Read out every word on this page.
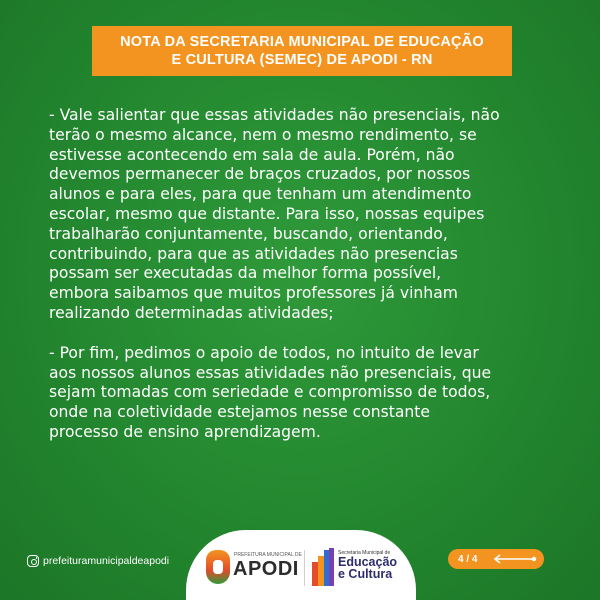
NOTA DA SECRETARIA MUNICIPAL DE EDUCAÇÃO
E CULTURA (SEMEC) DE APODI - RN

- Vale salientar que essas atividades não presenciais, não
terão o mesmo alcance, nem o mesmo rendimento, se
estivesse acontecendo em sala de aula. Porém, não
devemos permanecer de braços cruzados, por nossos
alunos e para eles, para que tenham um atendimento
escolar, mesmo que distante. Para isso, nossas equipes
trabalharão conjuntamente, buscando, orientando,
contribuindo, para que as atividades não presencias
possam ser executadas da melhor forma possível,
embora saibamos que muitos professores já vinham
realizando determinadas atividades;

- Por fim, pedimos o apoio de todos, no intuito de levar
aos nossos alunos essas atividades não presenciais, que
sejam tomadas com seriedade e compromisso de todos,
onde na coletividade estejamos nesse constante
processo de ensino aprendizagem.

prefeituramunicipaldeapodi	PREFEITURA MUNICIPAL DE
APODI
Secretaria Municipal de
Educação
e Cultura
4 / 4
